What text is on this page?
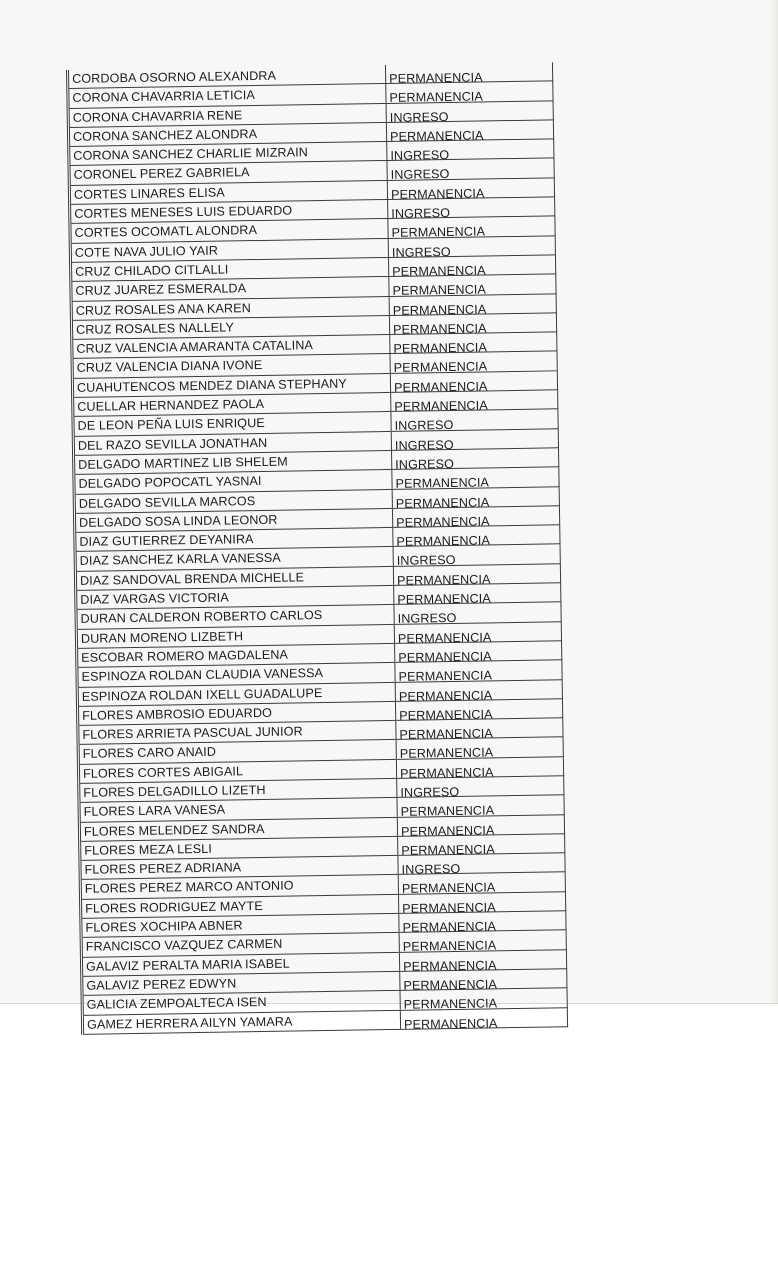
CORDOBA OSORNO ALEXANDRA	PERMANENCIA
CORONA CHAVARRIA LETICIA	PERMANENCIA
CORONA CHAVARRIA RENE	INGRESO
CORONA SANCHEZ ALONDRA	PERMANENCIA
CORONA SANCHEZ CHARLIE MIZRAIN	INGRESO
CORONEL PEREZ GABRIELA	INGRESO
CORTES LINARES ELISA	PERMANENCIA
CORTES MENESES LUIS EDUARDO	INGRESO
CORTES OCOMATL ALONDRA	PERMANENCIA
COTE NAVA JULIO YAIR	INGRESO
CRUZ CHILADO CITLALLI	PERMANENCIA
CRUZ JUAREZ ESMERALDA	PERMANENCIA
CRUZ ROSALES ANA KAREN	PERMANENCIA
CRUZ ROSALES NALLELY	PERMANENCIA
CRUZ VALENCIA AMARANTA CATALINA	PERMANENCIA
CRUZ VALENCIA DIANA IVONE	PERMANENCIA
CUAHUTENCOS MENDEZ DIANA STEPHANY	PERMANENCIA
CUELLAR HERNANDEZ PAOLA	PERMANENCIA
DE LEON PEÑA LUIS ENRIQUE	INGRESO
DEL RAZO SEVILLA JONATHAN	INGRESO
DELGADO MARTINEZ LIB SHELEM	INGRESO
DELGADO POPOCATL YASNAI	PERMANENCIA
DELGADO SEVILLA MARCOS	PERMANENCIA
DELGADO SOSA LINDA LEONOR	PERMANENCIA
DIAZ GUTIERREZ DEYANIRA	PERMANENCIA
DIAZ SANCHEZ KARLA VANESSA	INGRESO
DIAZ SANDOVAL BRENDA MICHELLE	PERMANENCIA
DIAZ VARGAS VICTORIA	PERMANENCIA
DURAN CALDERON ROBERTO CARLOS	INGRESO
DURAN MORENO LIZBETH	PERMANENCIA
ESCOBAR ROMERO MAGDALENA	PERMANENCIA
ESPINOZA ROLDAN CLAUDIA VANESSA	PERMANENCIA
ESPINOZA ROLDAN IXELL GUADALUPE	PERMANENCIA
FLORES AMBROSIO EDUARDO	PERMANENCIA
FLORES ARRIETA PASCUAL JUNIOR	PERMANENCIA
FLORES CARO ANAID	PERMANENCIA
FLORES CORTES ABIGAIL	PERMANENCIA
FLORES DELGADILLO LIZETH	INGRESO
FLORES LARA VANESA	PERMANENCIA
FLORES MELENDEZ SANDRA	PERMANENCIA
FLORES MEZA LESLI	PERMANENCIA
FLORES PEREZ ADRIANA	INGRESO
FLORES PEREZ MARCO ANTONIO	PERMANENCIA
FLORES RODRIGUEZ MAYTE	PERMANENCIA
FLORES XOCHIPA ABNER	PERMANENCIA
FRANCISCO VAZQUEZ CARMEN	PERMANENCIA
GALAVIZ PERALTA MARIA ISABEL	PERMANENCIA
GALAVIZ PEREZ EDWYN	PERMANENCIA
GALICIA ZEMPOALTECA ISEN	PERMANENCIA
GAMEZ HERRERA AILYN YAMARA	PERMANENCIA
